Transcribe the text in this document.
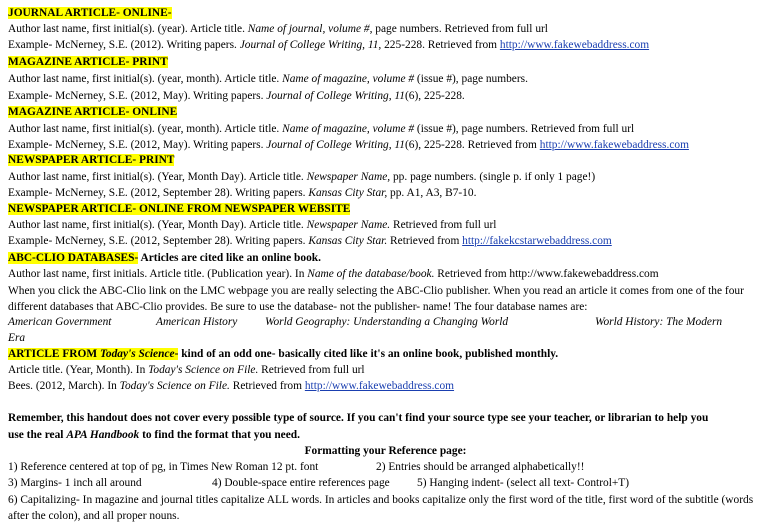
JOURNAL ARTICLE- ONLINE-
Author last name, first initial(s). (year). Article title. Name of journal, volume #, page numbers. Retrieved from full url
Example- McNerney, S.E. (2012). Writing papers. Journal of College Writing, 11, 225-228. Retrieved from http://www.fakewebaddress.com
MAGAZINE ARTICLE- PRINT
Author last name, first initial(s). (year, month). Article title. Name of magazine, volume # (issue #), page numbers.
Example- McNerney, S.E. (2012, May). Writing papers. Journal of College Writing, 11(6), 225-228.
MAGAZINE ARTICLE- ONLINE
Author last name, first initial(s). (year, month). Article title. Name of magazine, volume # (issue #), page numbers. Retrieved from full url
Example- McNerney, S.E. (2012, May). Writing papers. Journal of College Writing, 11(6), 225-228. Retrieved from http://www.fakewebaddress.com
NEWSPAPER ARTICLE- PRINT
Author last name, first initial(s). (Year, Month Day). Article title. Newspaper Name, pp. page numbers. (single p. if only 1 page!)
Example- McNerney, S.E. (2012, September 28). Writing papers. Kansas City Star, pp. A1, A3, B7-10.
NEWSPAPER ARTICLE- ONLINE FROM NEWSPAPER WEBSITE
Author last name, first initial(s). (Year, Month Day). Article title. Newspaper Name. Retrieved from full url
Example- McNerney, S.E. (2012, September 28). Writing papers. Kansas City Star. Retrieved from http://fakekcstarwebaddress.com
ABC-CLIO DATABASES- Articles are cited like an online book.
Author last name, first initials. Article title. (Publication year). In Name of the database/book. Retrieved from http://www.fakewebaddress.com
When you click the ABC-Clio link on the LMC webpage you are really selecting the ABC-Clio publisher. When you read an article it comes from one of the four different databases that ABC-Clio provides. Be sure to use the database- not the publisher- name! The four database names are:
American Government	American History World Geography: Understanding a Changing World	World History: The Modern
Era
ARTICLE FROM Today's Science- kind of an odd one- basically cited like it's an online book, published monthly.
Article title. (Year, Month). In Today's Science on File. Retrieved from full url
Bees. (2012, March). In Today's Science on File. Retrieved from http://www.fakewebaddress.com
Remember, this handout does not cover every possible type of source. If you can't find your source type see your teacher, or librarian to help you
use the real APA Handbook to find the format that you need.
Formatting your Reference page:
1) Reference centered at top of pg, in Times New Roman 12 pt. font	2) Entries should be arranged alphabetically!!
3) Margins- 1 inch all around	4) Double-space entire references page 5) Hanging indent- (select all text- Control+T)
6) Capitalizing- In magazine and journal titles capitalize ALL words. In articles and books capitalize only the first word of the title, first word of the subtitle (words after the colon), and all proper nouns.
